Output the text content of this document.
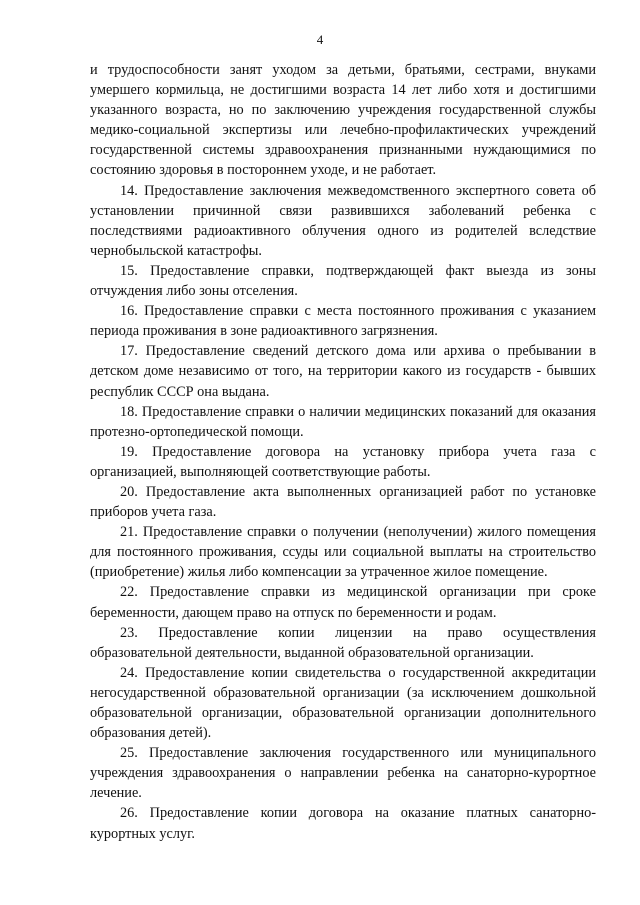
4

и трудоспособности занят уходом за детьми, братьями, сестрами, внуками умершего кормильца, не достигшими возраста 14 лет либо хотя и достигшими указанного возраста, но по заключению учреждения государственной службы медико-социальной экспертизы или лечебно-профилактических учреждений государственной системы здравоохранения признанными нуждающимися по состоянию здоровья в постороннем уходе, и не работает.

14. Предоставление заключения межведомственного экспертного совета об установлении причинной связи развившихся заболеваний ребенка с последствиями радиоактивного облучения одного из родителей вследствие чернобыльской катастрофы.

15. Предоставление справки, подтверждающей факт выезда из зоны отчуждения либо зоны отселения.

16. Предоставление справки с места постоянного проживания с указанием периода проживания в зоне радиоактивного загрязнения.

17. Предоставление сведений детского дома или архива о пребывании в детском доме независимо от того, на территории какого из государств - бывших республик СССР она выдана.

18. Предоставление справки о наличии медицинских показаний для оказания протезно-ортопедической помощи.

19. Предоставление договора на установку прибора учета газа с организацией, выполняющей соответствующие работы.

20. Предоставление акта выполненных организацией работ по установке приборов учета газа.

21. Предоставление справки о получении (неполучении) жилого помещения для постоянного проживания, ссуды или социальной выплаты на строительство (приобретение) жилья либо компенсации за утраченное жилое помещение.

22. Предоставление справки из медицинской организации при сроке беременности, дающем право на отпуск по беременности и родам.

23. Предоставление копии лицензии на право осуществления образовательной деятельности, выданной образовательной организации.

24. Предоставление копии свидетельства о государственной аккредитации негосударственной образовательной организации (за исключением дошкольной образовательной организации, образовательной организации дополнительного образования детей).

25. Предоставление заключения государственного или муниципального учреждения здравоохранения о направлении ребенка на санаторно-курортное лечение.

26. Предоставление копии договора на оказание платных санаторно-курортных услуг.
